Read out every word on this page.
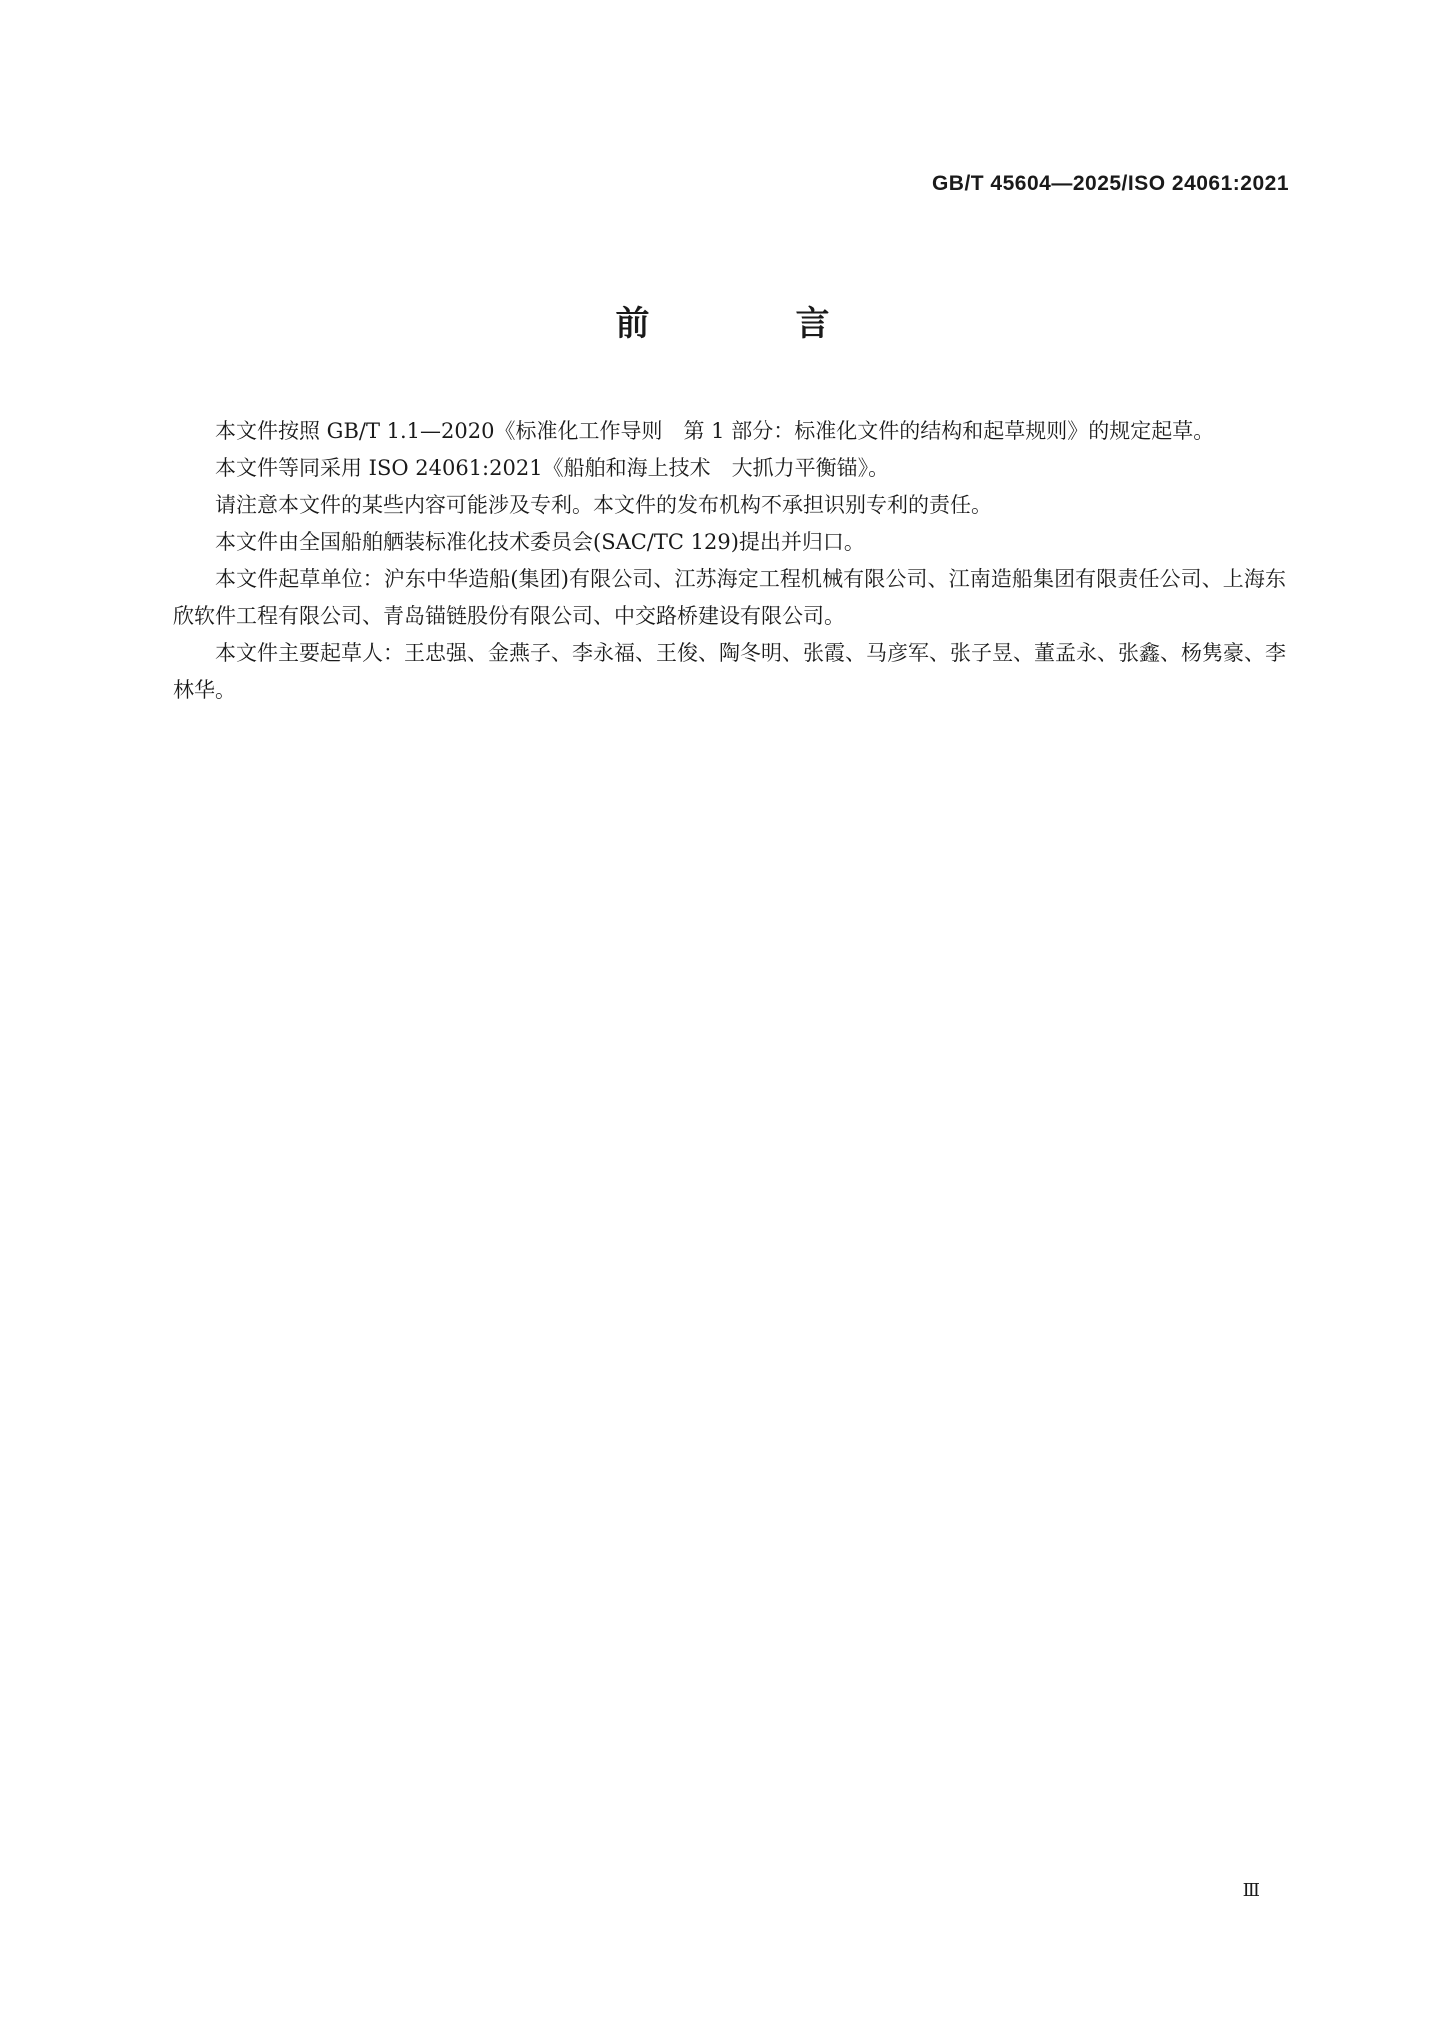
GB/T 45604—2025/ISO 24061:2021
前　言

本文件按照 GB/T 1.1—2020《标准化工作导则　第 1 部分：标准化文件的结构和起草规则》的规定起草。

本文件等同采用 ISO 24061:2021《船舶和海上技术　大抓力平衡锚》。

请注意本文件的某些内容可能涉及专利。本文件的发布机构不承担识别专利的责任。

本文件由全国船舶舾装标准化技术委员会(SAC/TC 129)提出并归口。

本文件起草单位：沪东中华造船(集团)有限公司、江苏海定工程机械有限公司、江南造船集团有限责任公司、上海东欣软件工程有限公司、青岛锚链股份有限公司、中交路桥建设有限公司。

本文件主要起草人：王忠强、金燕子、李永福、王俊、陶冬明、张霞、马彦军、张子昱、董孟永、张鑫、杨隽豪、李林华。

Ⅲ
